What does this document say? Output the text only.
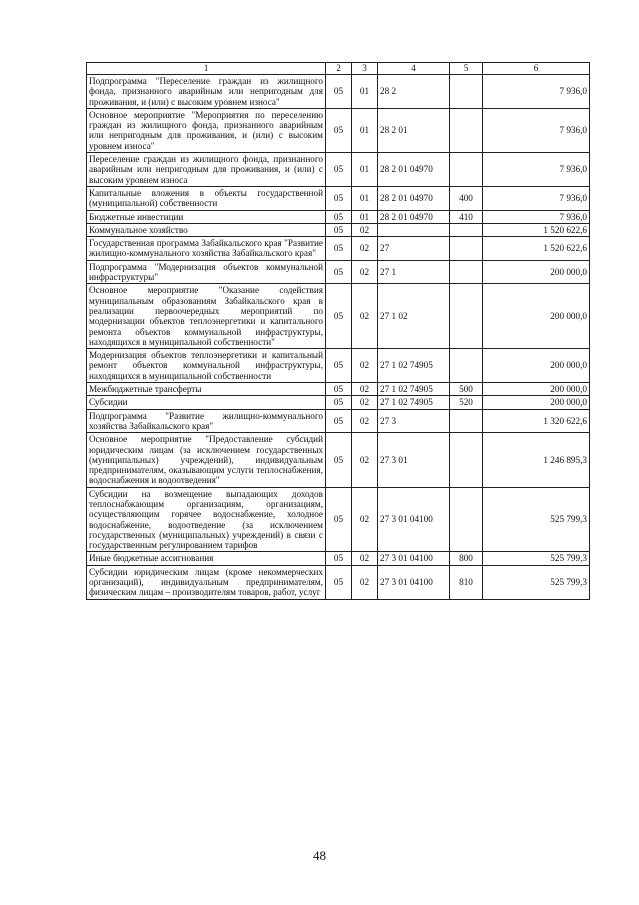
1	2	3	4	5	6
Подпрограмма "Переселение граждан из жилищного фонда, признанного аварийным или непригодным для проживания, и (или) с высоким уровнем износа"	05	01	28 2		7 936,0
Основное мероприятие "Мероприятия по переселению граждан из жилищного фонда, признанного аварийным или непригодным для проживания, и (или) с высоким уровнем износа"	05	01	28 2 01		7 936,0
Переселение граждан из жилищного фонда, признанного аварийным или непригодным для проживания, и (или) с высоким уровнем износа	05	01	28 2 01 04970		7 936,0
Капитальные вложения в объекты государственной (муниципальной) собственности	05	01	28 2 01 04970	400	7 936,0
Бюджетные инвестиции	05	01	28 2 01 04970	410	7 936,0
Коммунальное хозяйство	05	02			1 520 622,6
Государственная программа Забайкальского края "Развитие жилищно-коммунального хозяйства Забайкальского края"	05	02	27		1 520 622,6
Подпрограмма "Модернизация объектов коммунальной инфраструктуры"	05	02	27 1		200 000,0
Основное мероприятие "Оказание содействия муниципальным образованиям Забайкальского края в реализации первоочередных мероприятий по модернизации объектов теплоэнергетики и капитального ремонта объектов коммунальной инфраструктуры, находящихся в муниципальной собственности"	05	02	27 1 02		200 000,0
Модернизация объектов теплоэнергетики и капитальный ремонт объектов коммунальной инфраструктуры, находящихся в муниципальной собственности	05	02	27 1 02 74905		200 000,0
Межбюджетные трансферты	05	02	27 1 02 74905	500	200 000,0
Субсидии	05	02	27 1 02 74905	520	200 000,0
Подпрограмма "Развитие жилищно-коммунального хозяйства Забайкальского края"	05	02	27 3		1 320 622,6
Основное мероприятие "Предоставление субсидий юридическим лицам (за исключением государственных (муниципальных) учреждений), индивидуальным предпринимателям, оказывающим услуги теплоснабжения, водоснабжения и водоотведения"	05	02	27 3 01		1 246 895,3
Субсидии на возмещение выпадающих доходов теплоснабжающим организациям, организациям, осуществляющим горячее водоснабжение, холодное водоснабжение, водоотведение (за исключением государственных (муниципальных) учреждений) в связи с государственным регулированием тарифов	05	02	27 3 01 04100		525 799,3
Иные бюджетные ассигнования	05	02	27 3 01 04100	800	525 799,3
Субсидии юридическим лицам (кроме некоммерческих организаций), индивидуальным предпринимателям, физическим лицам – производителям товаров, работ, услуг	05	02	27 3 01 04100	810	525 799,3
48
